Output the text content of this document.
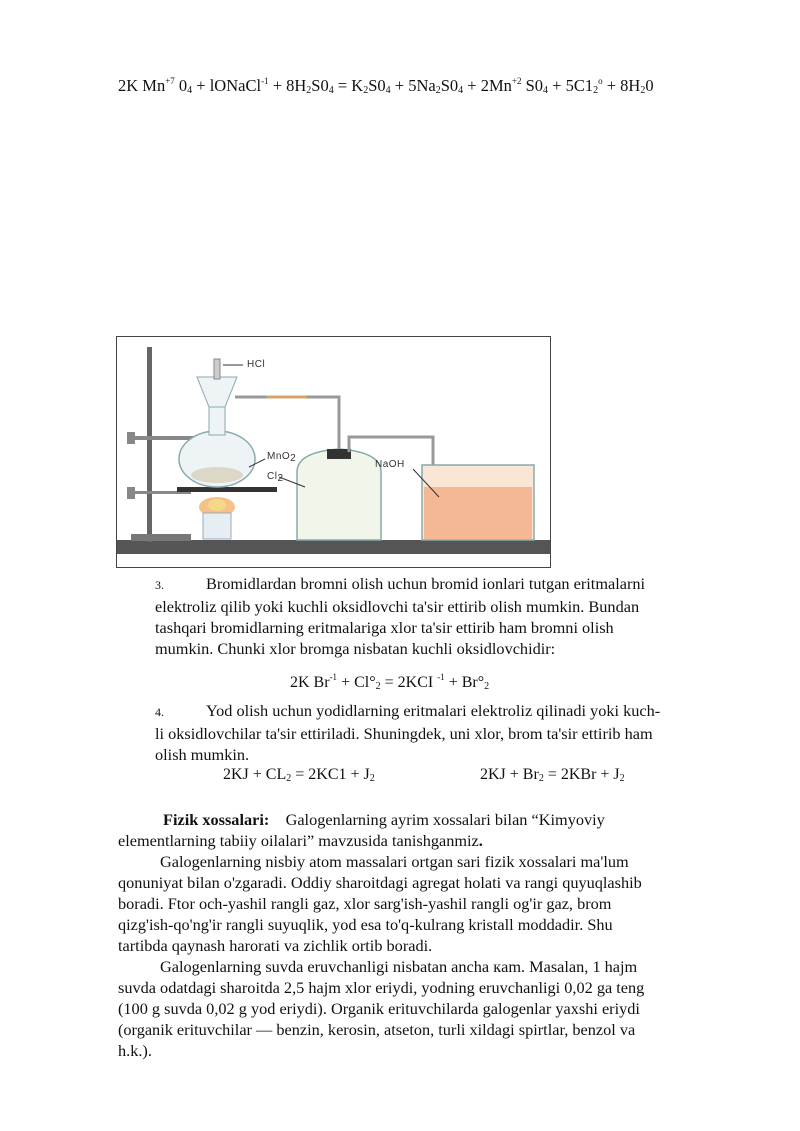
2K $Mn^{+7}$ $0_4$ + lONaCl$^{-1}$ + $8H_2S0_4 = K_2S0_4 + 5Na_2S0_4 + 2Mn^{+2}$ $S0_4 + 5C1_2^o + 8H_20$
HCl
MnO$_2$
$Cl_2$
NaOH
3.	Bromidlardan bromni olish uchun bromid ionlari tutgan eritmalarni
elektroliz qilib yoki kuchli oksidlovchi ta'sir ettirib olish mumkin. Bundan
tashqari bromidlarning eritmalariga xlor ta'sir ettirib ham bromni olish
mumkin. Chunki xlor bromga nisbatan kuchli oksidlovchidir:
2K $Br^{-1} + Cl^\circ_2 = 2KCI$ $^{-1} + Br^\circ_2$
4.	Yod olish uchun yodidlarning eritmalari elektroliz qilinadi yoki kuch-
li oksidlovchilar ta'sir ettiriladi. Shuningdek, uni xlor, brom ta'sir ettirib ham
olish mumkin.
$2KJ + CL_2 = 2KC1 + J_2$	$2KJ + Br_2 = 2KBr + J_2$
Fizik xossalari: Galogenlarning ayrim xossalari bilan “Kimyoviy
elementlarning tabiiy oilalari” mavzusida tanishganmiz.
Galogenlarning nisbiy atom massalari ortgan sari fizik xossalari ma'lum
qonuniyat bilan o'zgaradi. Oddiy sharoitdagi agregat holati va rangi quyuqlashib
boradi. Ftor och-yashil rangli gaz, xlor sarg'ish-yashil rangli og'ir gaz, brom
qizg'ish-qo'ng'ir rangli suyuqlik, yod esa to'q-kulrang kristall moddadir. Shu
tartibda qaynash harorati va zichlik ortib boradi.
Galogenlarning suvda eruvchanligi nisbatan ancha кam. Masalan, 1 hajm
suvda odatdagi sharoitda 2,5 hajm xlor eriydi, yodning eruvchanligi 0,02 ga teng
(100 g suvda 0,02 g yod eriydi). Organik erituvchilarda galogenlar yaxshi eriydi
(organik erituvchilar — benzin, kerosin, atseton, turli xildagi spirtlar, benzol va
h.k.).
